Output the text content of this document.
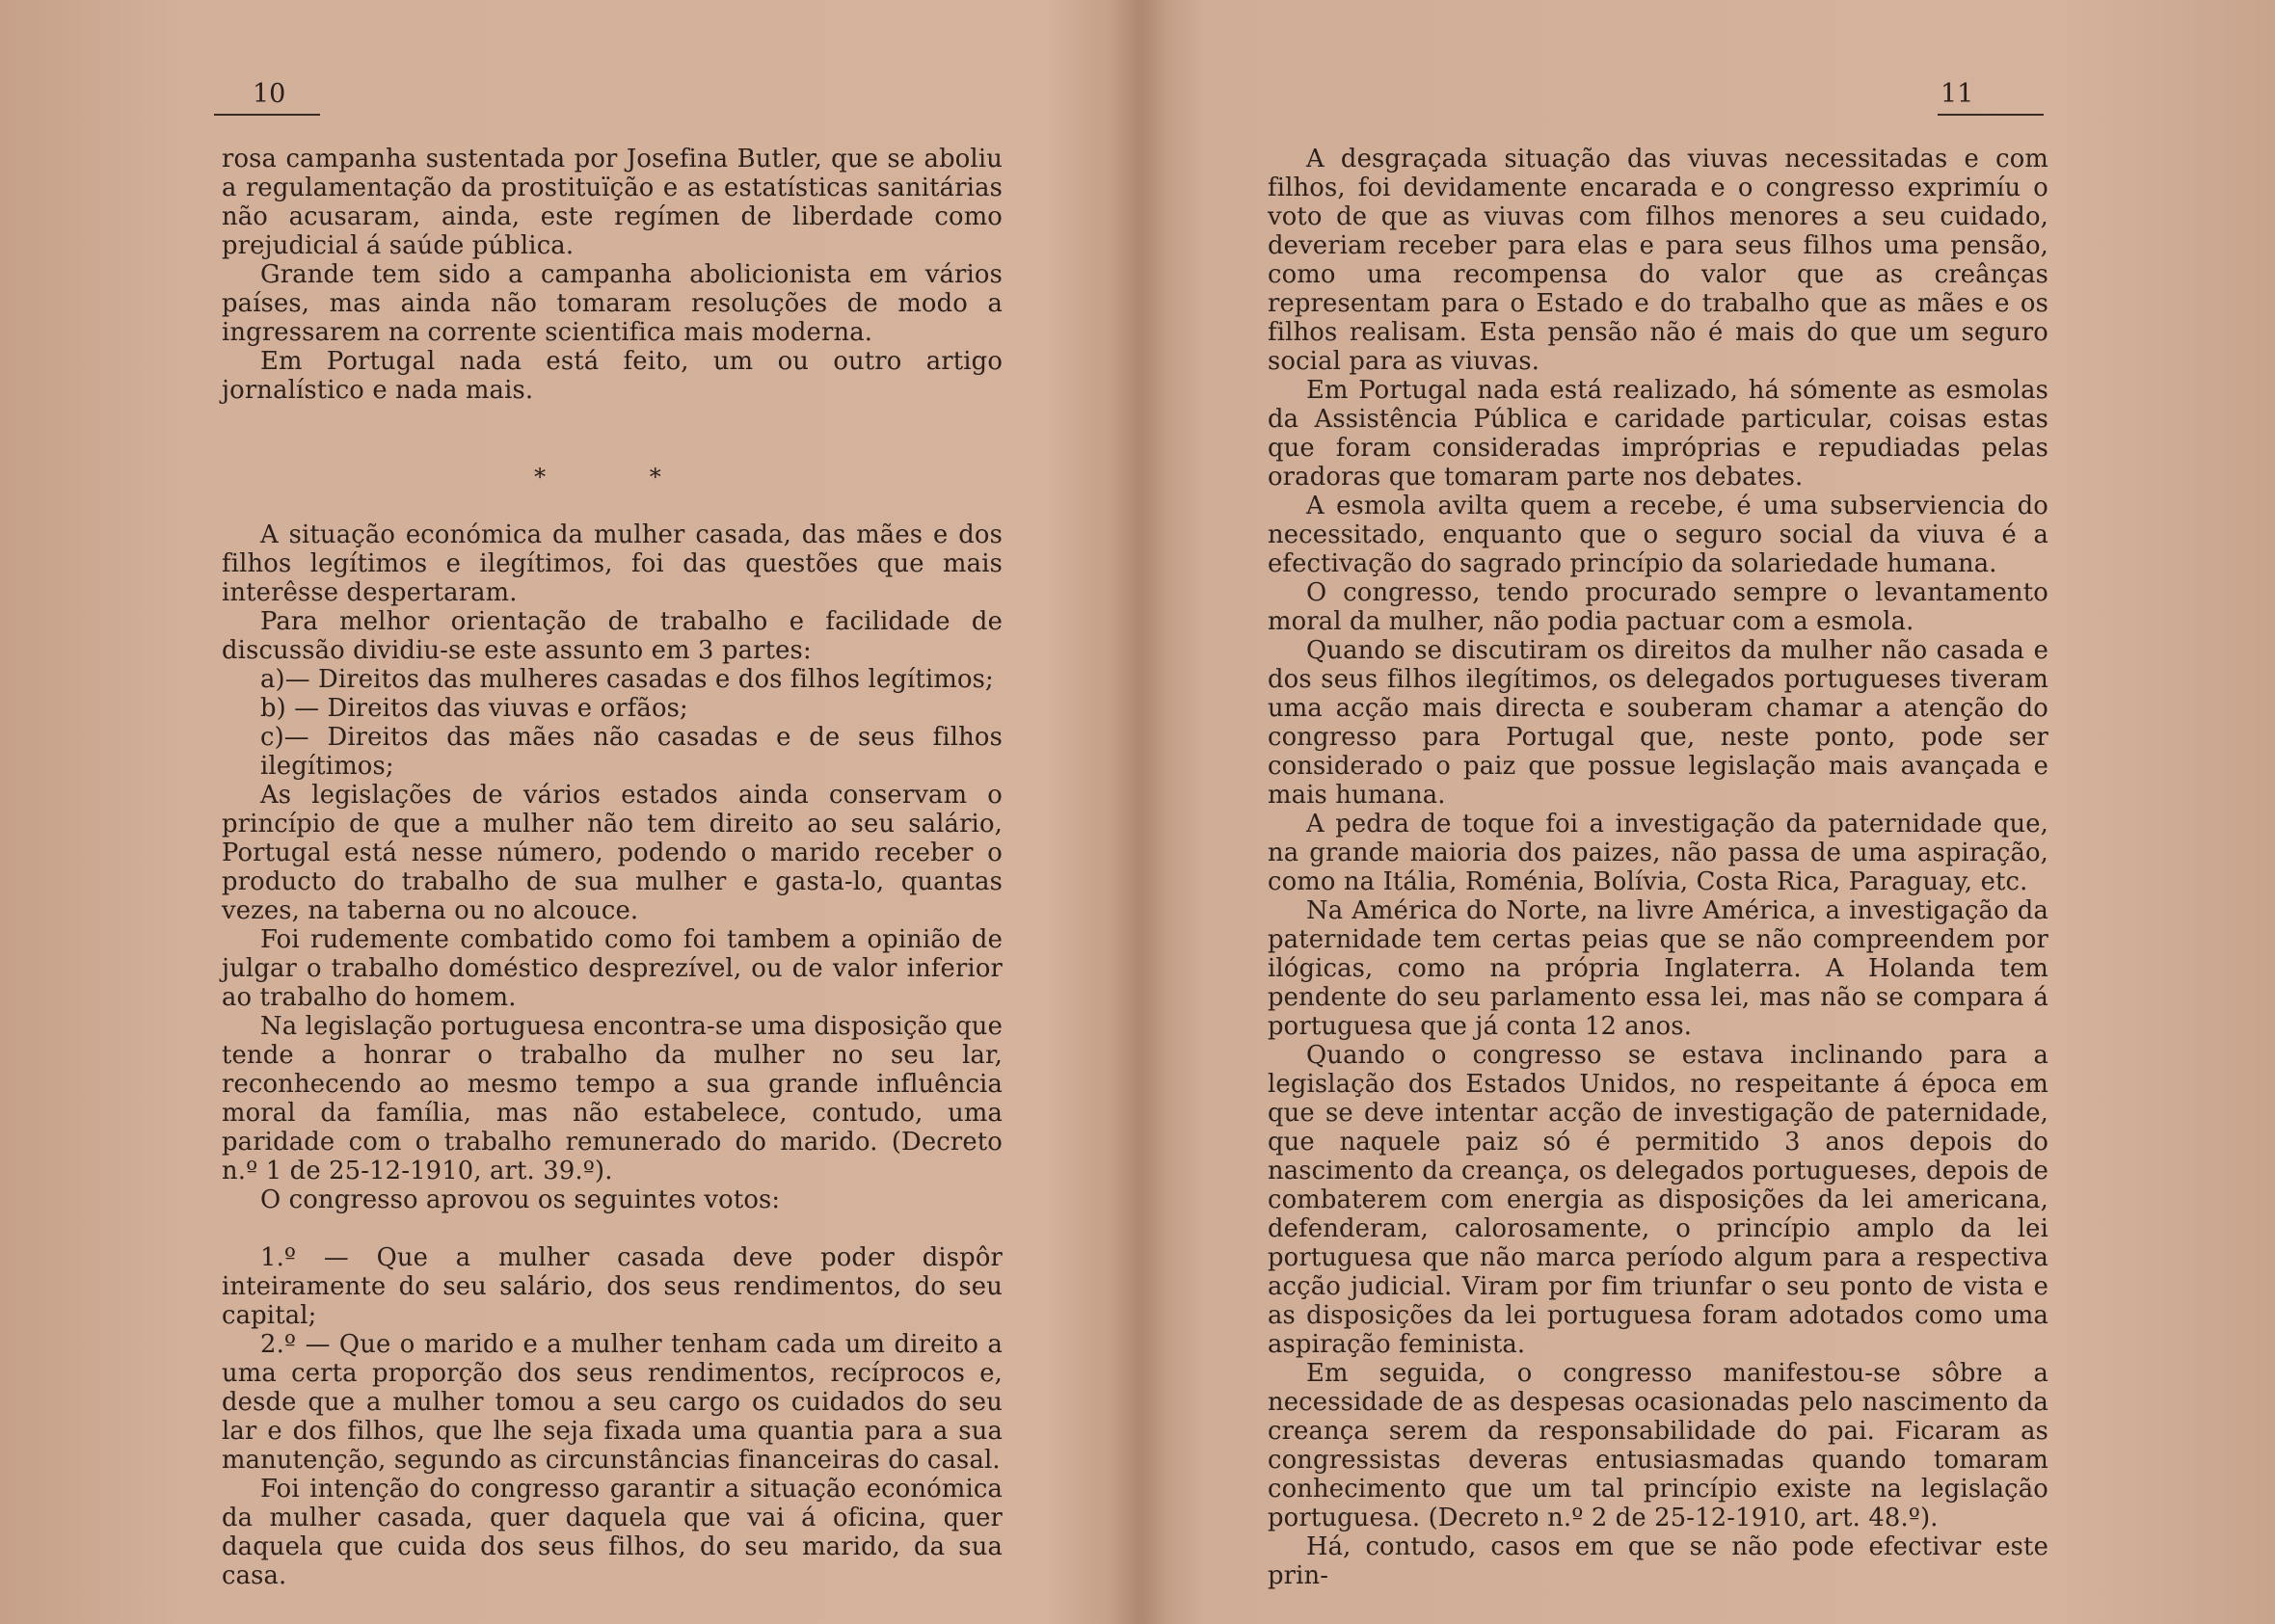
10

rosa campanha sustentada por Josefina Butler, que se aboliu a regulamentação da prostituïção e as estatísticas sanitárias não acusaram, ainda, este regímen de liberdade como prejudicial á saúde pública.

Grande tem sido a campanha abolicionista em vários países, mas ainda não tomaram resoluções de modo a ingressarem na corrente scientifica mais moderna.

Em Portugal nada está feito, um ou outro artigo jornalístico e nada mais.

* *

A situação económica da mulher casada, das mães e dos filhos legítimos e ilegítimos, foi das questões que mais interêsse despertaram.

Para melhor orientação de trabalho e facilidade de discussão dividiu-se este assunto em 3 partes:

a)— Direitos das mulheres casadas e dos filhos legítimos;

b) — Direitos das viuvas e orfãos;

c)— Direitos das mães não casadas e de seus filhos ilegítimos;

As legislações de vários estados ainda conservam o princípio de que a mulher não tem direito ao seu salário, Portugal está nesse número, podendo o marido receber o producto do trabalho de sua mulher e gasta-lo, quantas vezes, na taberna ou no alcouce.

Foi rudemente combatido como foi tambem a opinião de julgar o trabalho doméstico desprezível, ou de valor inferior ao trabalho do homem.

Na legislação portuguesa encontra-se uma disposição que tende a honrar o trabalho da mulher no seu lar, reconhecendo ao mesmo tempo a sua grande influência moral da família, mas não estabelece, contudo, uma paridade com o trabalho remunerado do marido. (Decreto n.º 1 de 25-12-1910, art. 39.º).

O congresso aprovou os seguintes votos:

1.º — Que a mulher casada deve poder dispôr inteiramente do seu salário, dos seus rendimentos, do seu capital;

2.º — Que o marido e a mulher tenham cada um direito a uma certa proporção dos seus rendimentos, recíprocos e, desde que a mulher tomou a seu cargo os cuidados do seu lar e dos filhos, que lhe seja fixada uma quantia para a sua manutenção, segundo as circunstâncias financeiras do casal.

Foi intenção do congresso garantir a situação económica da mulher casada, quer daquela que vai á oficina, quer daquela que cuida dos seus filhos, do seu marido, da sua casa.

11

A desgraçada situação das viuvas necessitadas e com filhos, foi devidamente encarada e o congresso exprimíu o voto de que as viuvas com filhos menores a seu cuidado, deveriam receber para elas e para seus filhos uma pensão, como uma recompensa do valor que as creânças representam para o Estado e do trabalho que as mães e os filhos realisam. Esta pensão não é mais do que um seguro social para as viuvas.

Em Portugal nada está realizado, há sómente as esmolas da Assistência Pública e caridade particular, coisas estas que foram consideradas impróprias e repudiadas pelas oradoras que tomaram parte nos debates.

A esmola avilta quem a recebe, é uma subserviencia do necessitado, enquanto que o seguro social da viuva é a efectivação do sagrado princípio da solariedade humana.

O congresso, tendo procurado sempre o levantamento moral da mulher, não podia pactuar com a esmola.

Quando se discutiram os direitos da mulher não casada e dos seus filhos ilegítimos, os delegados portugueses tiveram uma acção mais directa e souberam chamar a atenção do congresso para Portugal que, neste ponto, pode ser considerado o paiz que possue legislação mais avançada e mais humana.

A pedra de toque foi a investigação da paternidade que, na grande maioria dos paizes, não passa de uma aspiração, como na Itália, Roménia, Bolívia, Costa Rica, Paraguay, etc.

Na América do Norte, na livre América, a investigação da paternidade tem certas peias que se não compreendem por ilógicas, como na própria Inglaterra. A Holanda tem pendente do seu parlamento essa lei, mas não se compara á portuguesa que já conta 12 anos.

Quando o congresso se estava inclinando para a legislação dos Estados Unidos, no respeitante á época em que se deve intentar acção de investigação de paternidade, que naquele paiz só é permitido 3 anos depois do nascimento da creança, os delegados portugueses, depois de combaterem com energia as disposições da lei americana, defenderam, calorosamente, o princípio amplo da lei portuguesa que não marca período algum para a respectiva acção judicial. Viram por fim triunfar o seu ponto de vista e as disposições da lei portuguesa foram adotados como uma aspiração feminista.

Em seguida, o congresso manifestou-se sôbre a necessidade de as despesas ocasionadas pelo nascimento da creança serem da responsabilidade do pai. Ficaram as congressistas deveras entusiasmadas quando tomaram conhecimento que um tal princípio existe na legislação portuguesa. (Decreto n.º 2 de 25-12-1910, art. 48.º).

Há, contudo, casos em que se não pode efectivar este prin-
